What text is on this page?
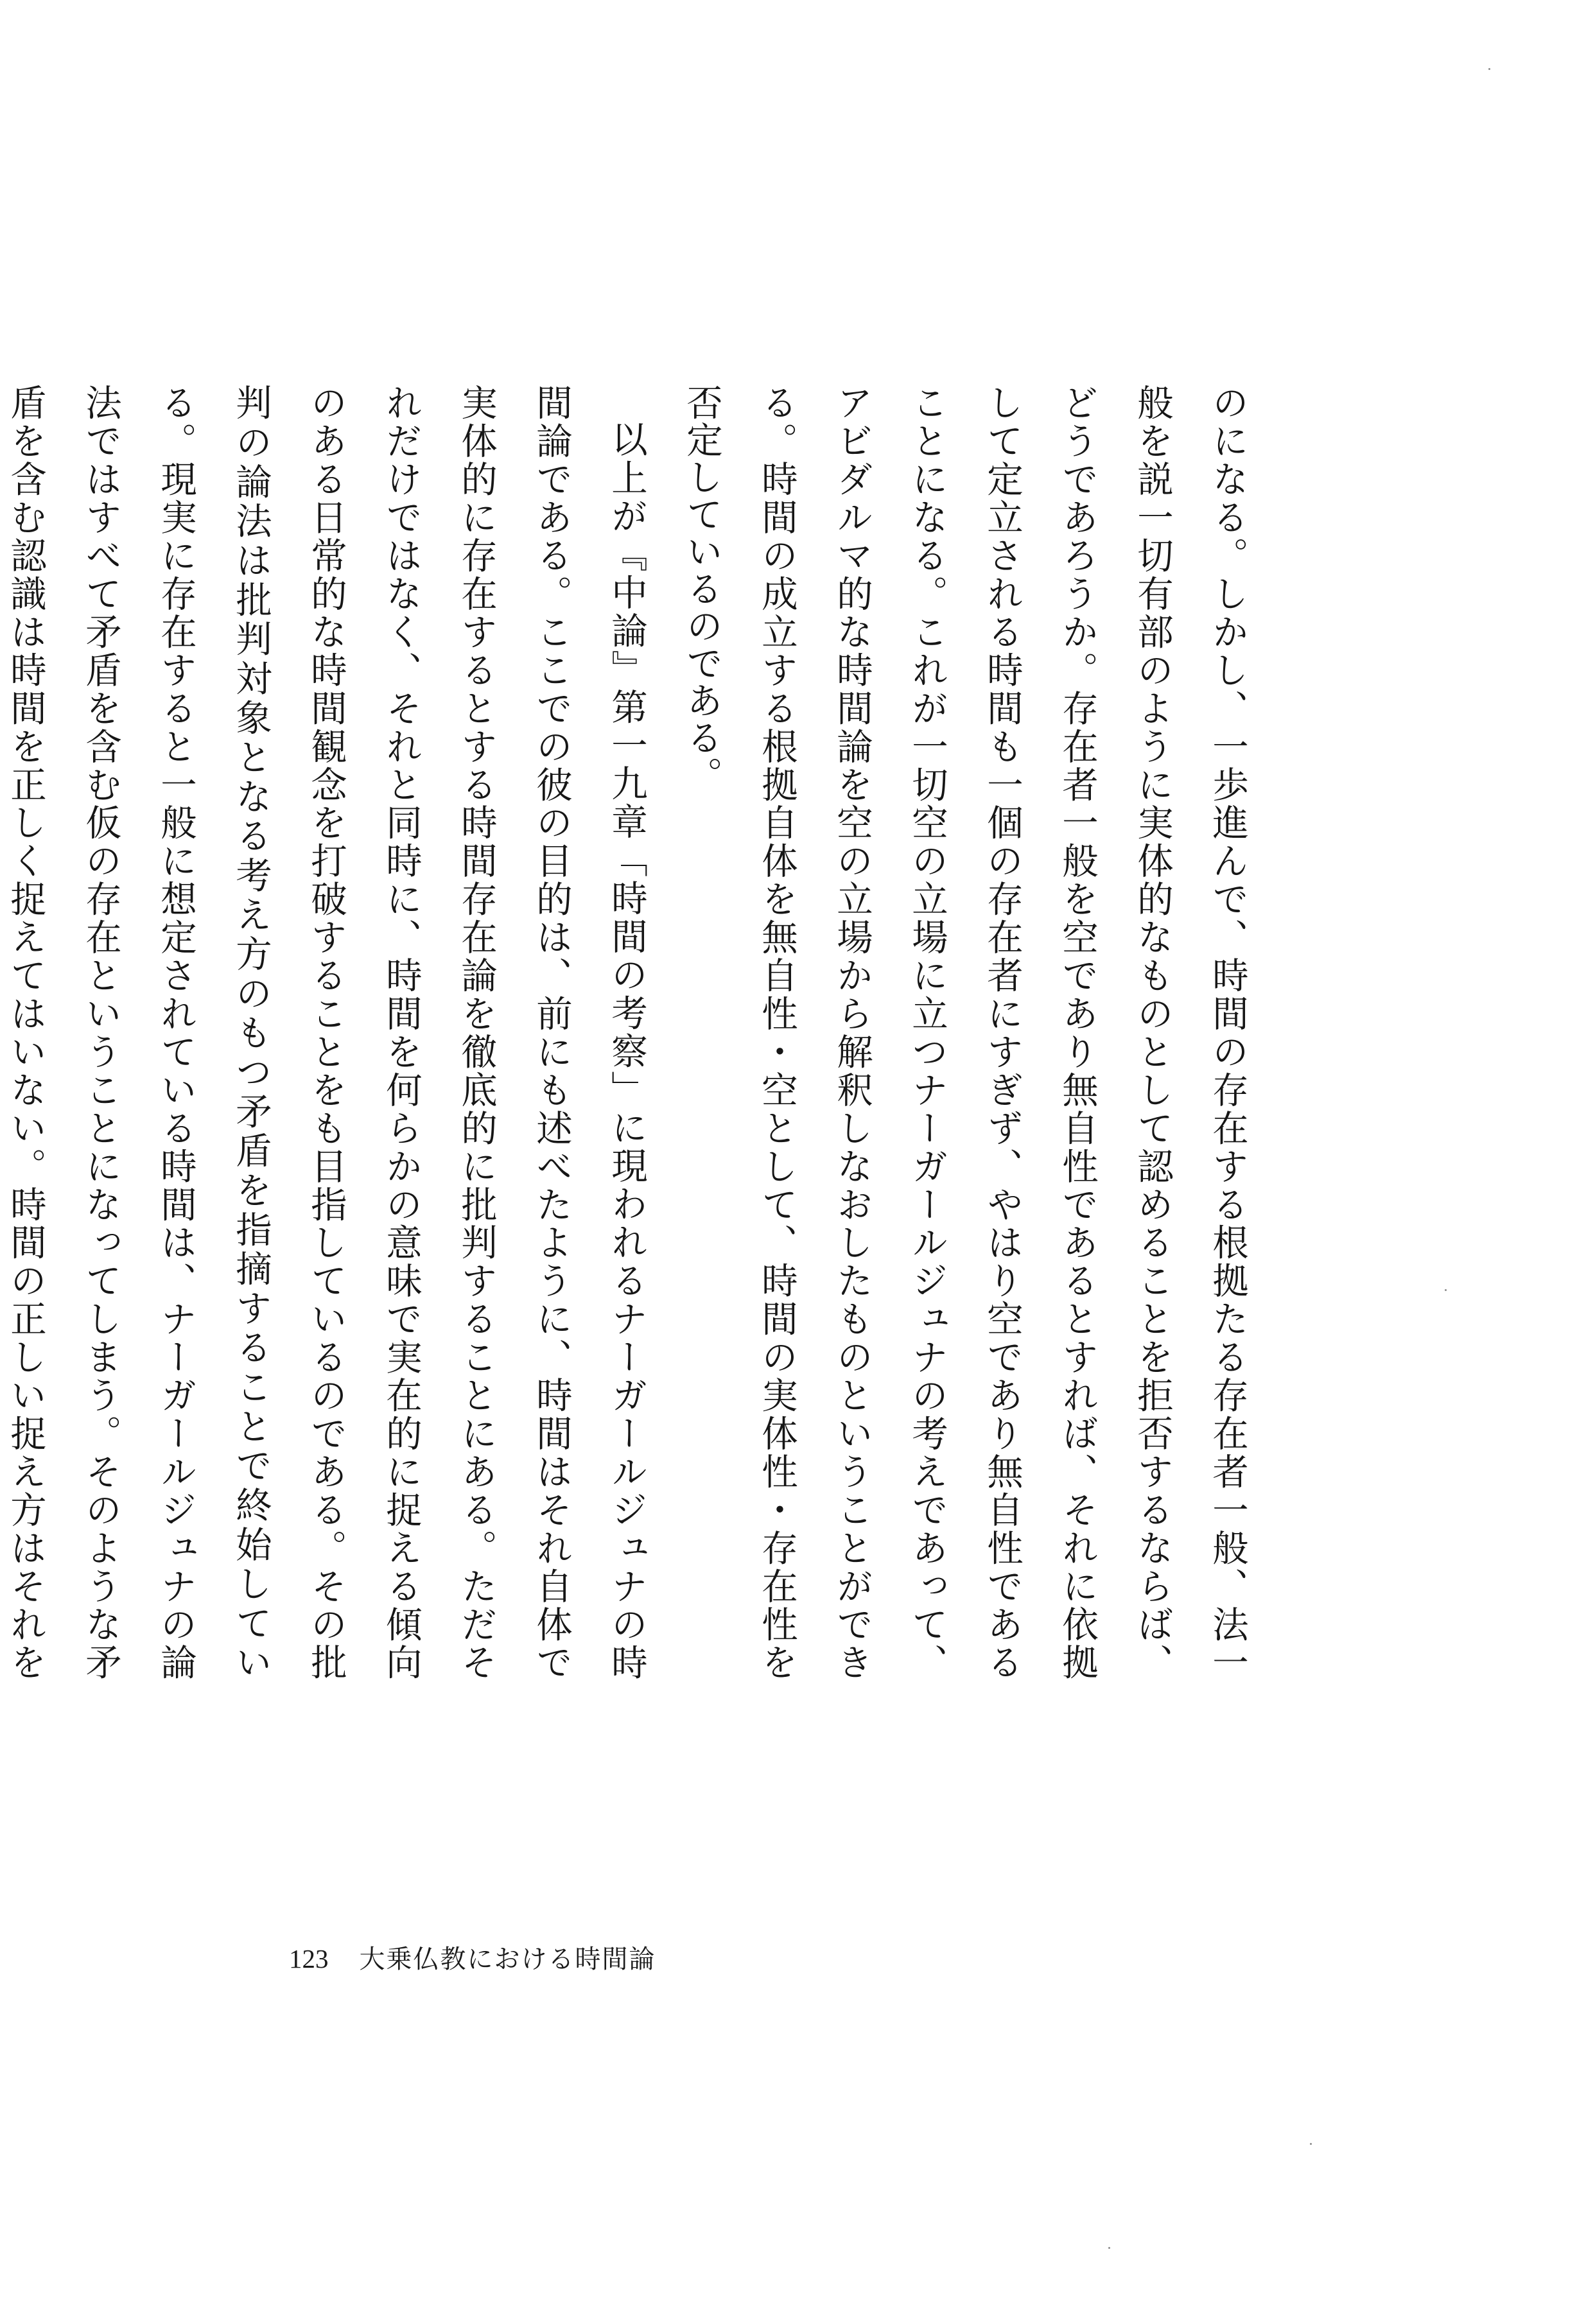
のになる。しかし、一歩進んで、時間の存在する根拠たる存在者一般、法一般を説一切有部のように実体的なものとして認めることを拒否するならば、どうであろうか。存在者一般を空であり無自性であるとすれば、それに依拠して定立される時間も一個の存在者にすぎず、やはり空であり無自性であることになる。これが一切空の立場に立つナーガールジュナの考えであって、アビダルマ的な時間論を空の立場から解釈しなおしたものということができる。時間の成立する根拠自体を無自性・空として、時間の実体性・存在性を否定しているのである。

以上が『中論』第一九章「時間の考察」に現われるナーガールジュナの時間論である。ここでの彼の目的は、前にも述べたように、時間はそれ自体で実体的に存在するとする時間存在論を徹底的に批判することにある。ただそれだけではなく、それと同時に、時間を何らかの意味で実在的に捉える傾向のある日常的な時間観念を打破することをも目指しているのである。その批判の論法は批判対象となる考え方のもつ矛盾を指摘することで終始している。現実に存在すると一般に想定されている時間は、ナーガールジュナの論法ではすべて矛盾を含む仮の存在ということになってしまう。そのような矛盾を含む認識は時間を正しく捉えてはいない。時間の正しい捉え方はそれを

123 大乗仏教における時間論
